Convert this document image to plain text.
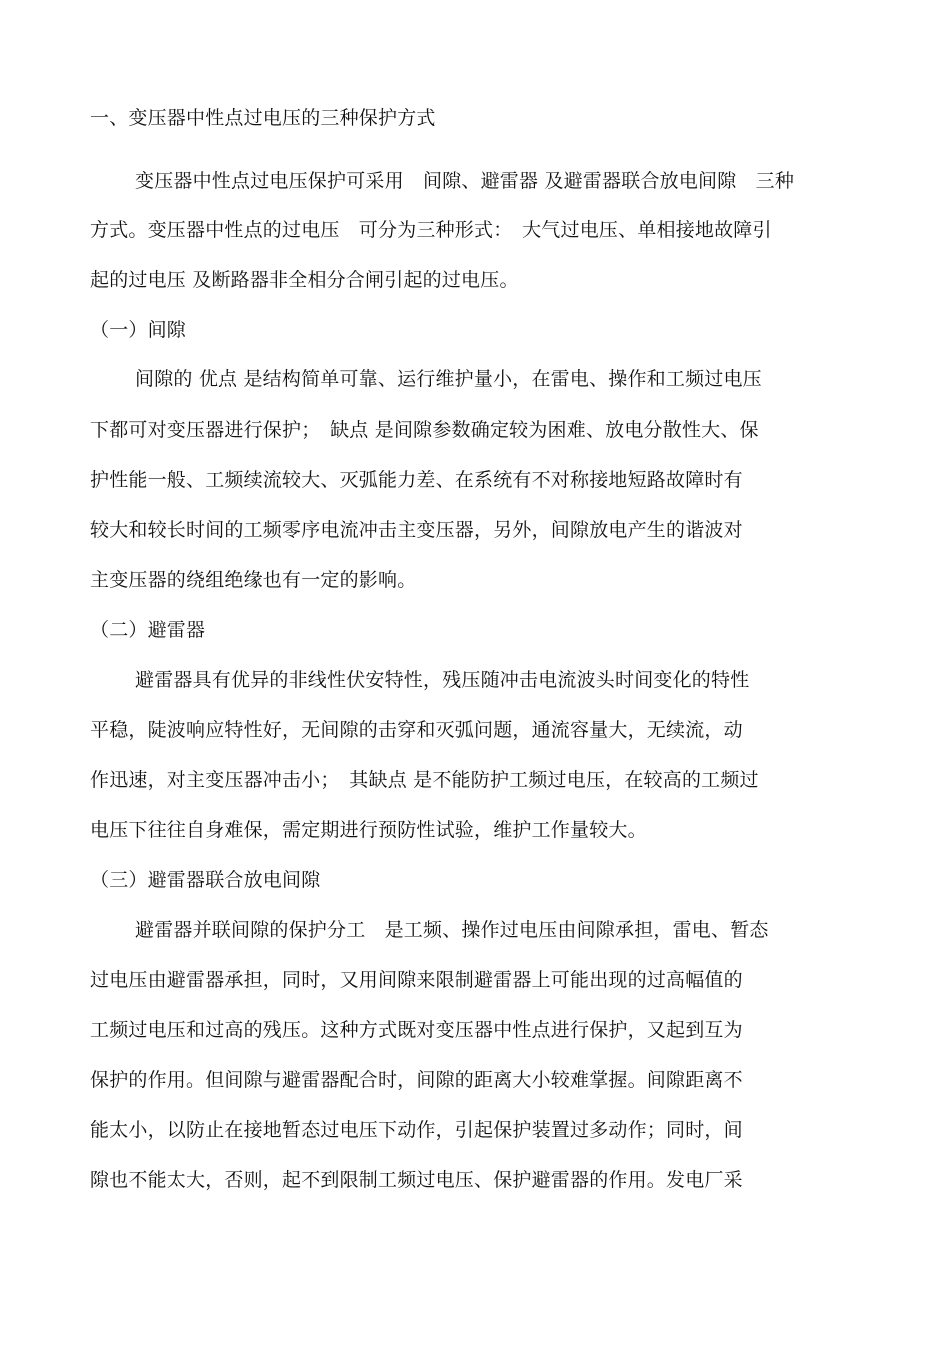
一、变压器中性点过电压的三种保护方式
变压器中性点过电压保护可采用　间隙、避雷器 及避雷器联合放电间隙　三种
方式。变压器中性点的过电压　可分为三种形式：　大气过电压、单相接地故障引
起的过电压 及断路器非全相分合闸引起的过电压。
（一）间隙
间隙的 优点 是结构简单可靠、运行维护量小，在雷电、操作和工频过电压
下都可对变压器进行保护；　缺点 是间隙参数确定较为困难、放电分散性大、保
护性能一般、工频续流较大、灭弧能力差、在系统有不对称接地短路故障时有
较大和较长时间的工频零序电流冲击主变压器，另外，间隙放电产生的谐波对
主变压器的绕组绝缘也有一定的影响。
（二）避雷器
避雷器具有优异的非线性伏安特性，残压随冲击电流波头时间变化的特性
平稳，陡波响应特性好，无间隙的击穿和灭弧问题，通流容量大，无续流，动
作迅速，对主变压器冲击小；　其缺点 是不能防护工频过电压，在较高的工频过
电压下往往自身难保，需定期进行预防性试验，维护工作量较大。
（三）避雷器联合放电间隙
避雷器并联间隙的保护分工　是工频、操作过电压由间隙承担，雷电、暂态
过电压由避雷器承担，同时，又用间隙来限制避雷器上可能出现的过高幅值的
工频过电压和过高的残压。这种方式既对变压器中性点进行保护，又起到互为
保护的作用。但间隙与避雷器配合时，间隙的距离大小较难掌握。间隙距离不
能太小，以防止在接地暂态过电压下动作，引起保护装置过多动作；同时，间
隙也不能太大，否则，起不到限制工频过电压、保护避雷器的作用。发电厂采
